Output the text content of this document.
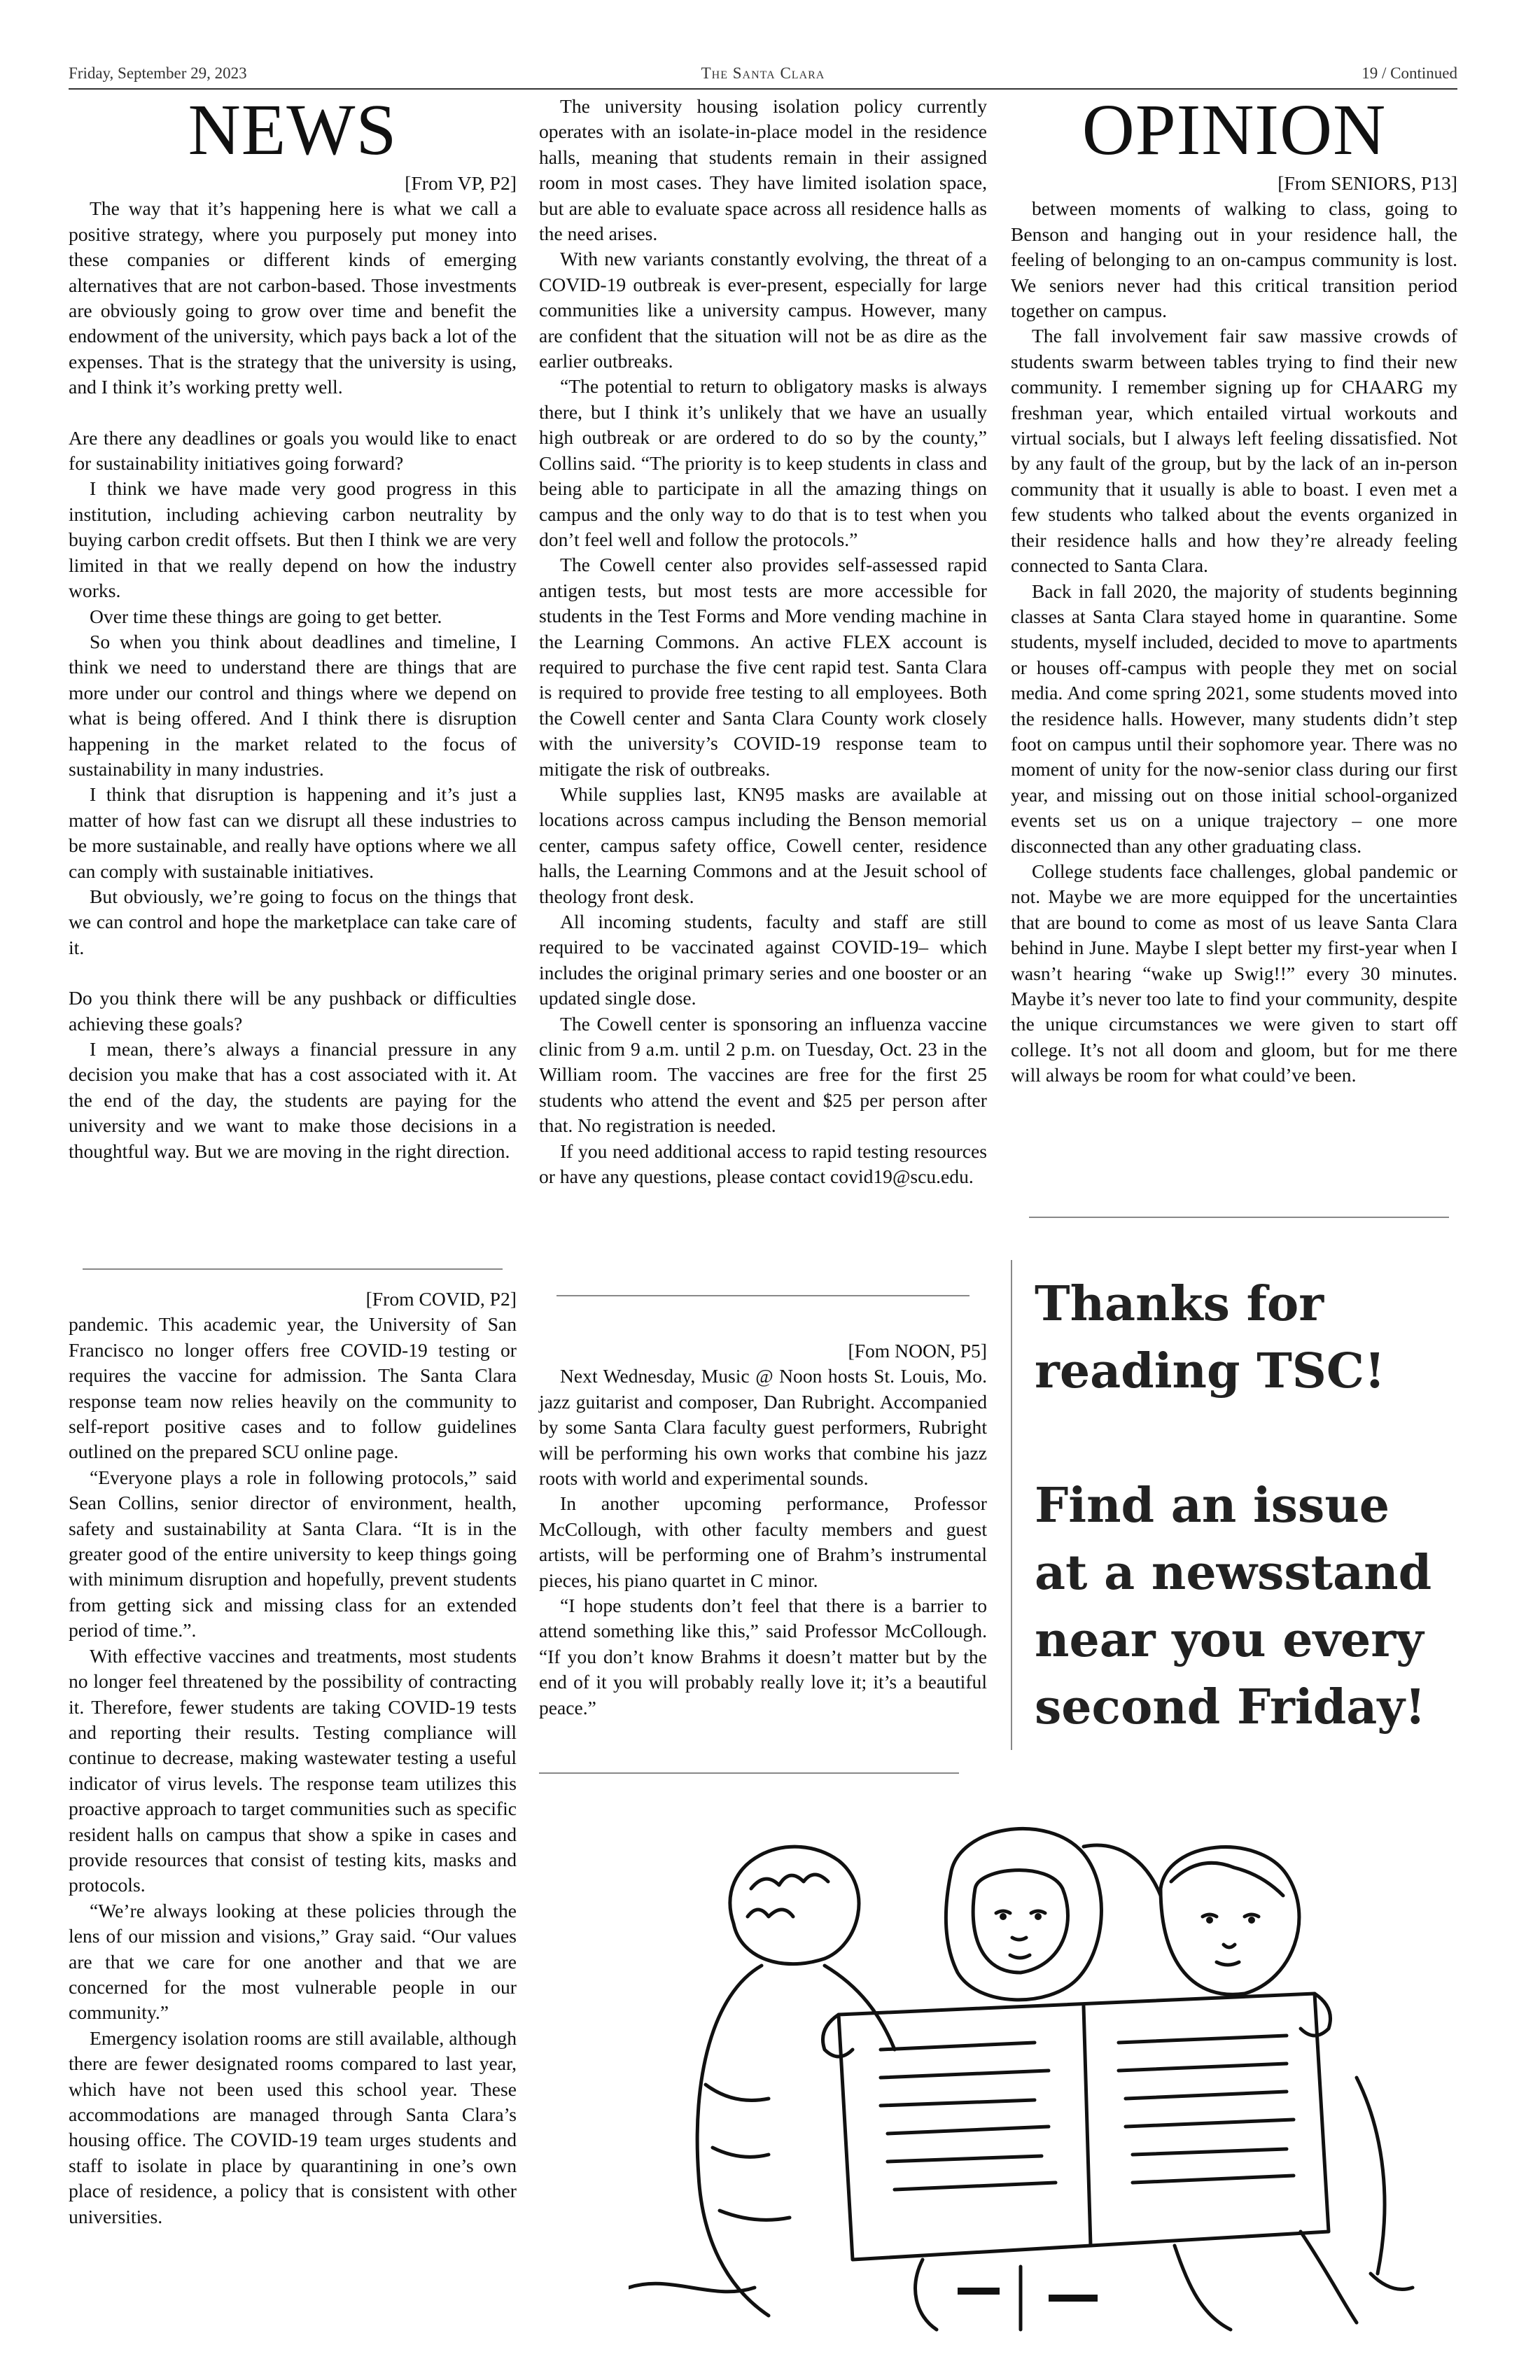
Friday, September 29, 2023	The Santa Clara	19 / Continued
NEWS

[From VP, P2]

The way that it’s happening here is what we call a positive strategy, where you purposely put money into these companies or different kinds of emerging alternatives that are not carbon-based. Those investments are obviously going to grow over time and benefit the endowment of the university, which pays back a lot of the expenses. That is the strategy that the university is using, and I think it’s working pretty well.

Are there any deadlines or goals you would like to enact for sustainability initiatives going forward?

I think we have made very good progress in this institution, including achieving carbon neutrality by buying carbon credit offsets. But then I think we are very limited in that we really depend on how the industry works.

Over time these things are going to get better.

So when you think about deadlines and timeline, I think we need to understand there are things that are more under our control and things where we depend on what is being offered. And I think there is disruption happening in the market related to the focus of sustainability in many industries.

I think that disruption is happening and it’s just a matter of how fast can we disrupt all these industries to be more sustainable, and really have options where we all can comply with sustainable initiatives.

But obviously, we’re going to focus on the things that we can control and hope the marketplace can take care of it.

Do you think there will be any pushback or difficulties achieving these goals?

I mean, there’s always a financial pressure in any decision you make that has a cost associated with it. At the end of the day, the students are paying for the university and we want to make those decisions in a thoughtful way. But we are moving in the right direction.

[From COVID, P2]

pandemic. This academic year, the University of San Francisco no longer offers free COVID-19 testing or requires the vaccine for admission. The Santa Clara response team now relies heavily on the community to self-report positive cases and to follow guidelines outlined on the prepared SCU online page.

“Everyone plays a role in following protocols,” said Sean Collins, senior director of environment, health, safety and sustainability at Santa Clara. “It is in the greater good of the entire university to keep things going with minimum disruption and hopefully, prevent students from getting sick and missing class for an extended period of time.”.

With effective vaccines and treatments, most students no longer feel threatened by the possibility of contracting it. Therefore, fewer students are taking COVID-19 tests and reporting their results. Testing compliance will continue to decrease, making wastewater testing a useful indicator of virus levels. The response team utilizes this proactive approach to target communities such as specific resident halls on campus that show a spike in cases and provide resources that consist of testing kits, masks and protocols.

“We’re always looking at these policies through the lens of our mission and visions,” Gray said. “Our values are that we care for one another and that we are concerned for the most vulnerable people in our community.”

Emergency isolation rooms are still available, although there are fewer designated rooms compared to last year, which have not been used this school year. These accommodations are managed through Santa Clara’s housing office. The COVID-19 team urges students and staff to isolate in place by quarantining in one’s own place of residence, a policy that is consistent with other universities.

The university housing isolation policy currently operates with an isolate-in-place model in the residence halls, meaning that students remain in their assigned room in most cases. They have limited isolation space, but are able to evaluate space across all residence halls as the need arises.

With new variants constantly evolving, the threat of a COVID-19 outbreak is ever-present, especially for large communities like a university campus. However, many are confident that the situation will not be as dire as the earlier outbreaks.

“The potential to return to obligatory masks is always there, but I think it’s unlikely that we have an usually high outbreak or are ordered to do so by the county,” Collins said. “The priority is to keep students in class and being able to participate in all the amazing things on campus and the only way to do that is to test when you don’t feel well and follow the protocols.”

The Cowell center also provides self-assessed rapid antigen tests, but most tests are more accessible for students in the Test Forms and More vending machine in the Learning Commons. An active FLEX account is required to purchase the five cent rapid test. Santa Clara is required to provide free testing to all employees. Both the Cowell center and Santa Clara County work closely with the university’s COVID-19 response team to mitigate the risk of outbreaks.

While supplies last, KN95 masks are available at locations across campus including the Benson memorial center, campus safety office, Cowell center, residence halls, the Learning Commons and at the Jesuit school of theology front desk.

All incoming students, faculty and staff are still required to be vaccinated against COVID-19– which includes the original primary series and one booster or an updated single dose.

The Cowell center is sponsoring an influenza vaccine clinic from 9 a.m. until 2 p.m. on Tuesday, Oct. 23 in the William room. The vaccines are free for the first 25 students who attend the event and $25 per person after that. No registration is needed.

If you need additional access to rapid testing resources or have any questions, please contact covid19@scu.edu.

[Fom NOON, P5]

Next Wednesday, Music @ Noon hosts St. Louis, Mo. jazz guitarist and composer, Dan Rubright. Accompanied by some Santa Clara faculty guest performers, Rubright will be performing his own works that combine his jazz roots with world and experimental sounds.

In another upcoming performance, Professor McCollough, with other faculty members and guest artists, will be performing one of Brahm’s instrumental pieces, his piano quartet in C minor.

“I hope students don’t feel that there is a barrier to attend something like this,” said Professor McCollough. “If you don’t know Brahms it doesn’t matter but by the end of it you will probably really love it; it’s a beautiful peace.”

OPINION

[From SENIORS, P13]

between moments of walking to class, going to Benson and hanging out in your residence hall, the feeling of belonging to an on-campus community is lost. We seniors never had this critical transition period together on campus.

The fall involvement fair saw massive crowds of students swarm between tables trying to find their new community. I remember signing up for CHAARG my freshman year, which entailed virtual workouts and virtual socials, but I always left feeling dissatisfied. Not by any fault of the group, but by the lack of an in-person community that it usually is able to boast. I even met a few students who talked about the events organized in their residence halls and how they’re already feeling connected to Santa Clara.

Back in fall 2020, the majority of students beginning classes at Santa Clara stayed home in quarantine. Some students, myself included, decided to move to apartments or houses off-campus with people they met on social media. And come spring 2021, some students moved into the residence halls. However, many students didn’t step foot on campus until their sophomore year. There was no moment of unity for the now-senior class during our first year, and missing out on those initial school-organized events set us on a unique trajectory – one more disconnected than any other graduating class.

College students face challenges, global pandemic or not. Maybe we are more equipped for the uncertainties that are bound to come as most of us leave Santa Clara behind in June. Maybe I slept better my first-year when I wasn’t hearing “wake up Swig!!” every 30 minutes. Maybe it’s never too late to find your community, despite the unique circumstances we were given to start off college. It’s not all doom and gloom, but for me there will always be room for what could’ve been.

Thanks for reading TSC!
Find an issue at a newsstand near you every second Friday!
